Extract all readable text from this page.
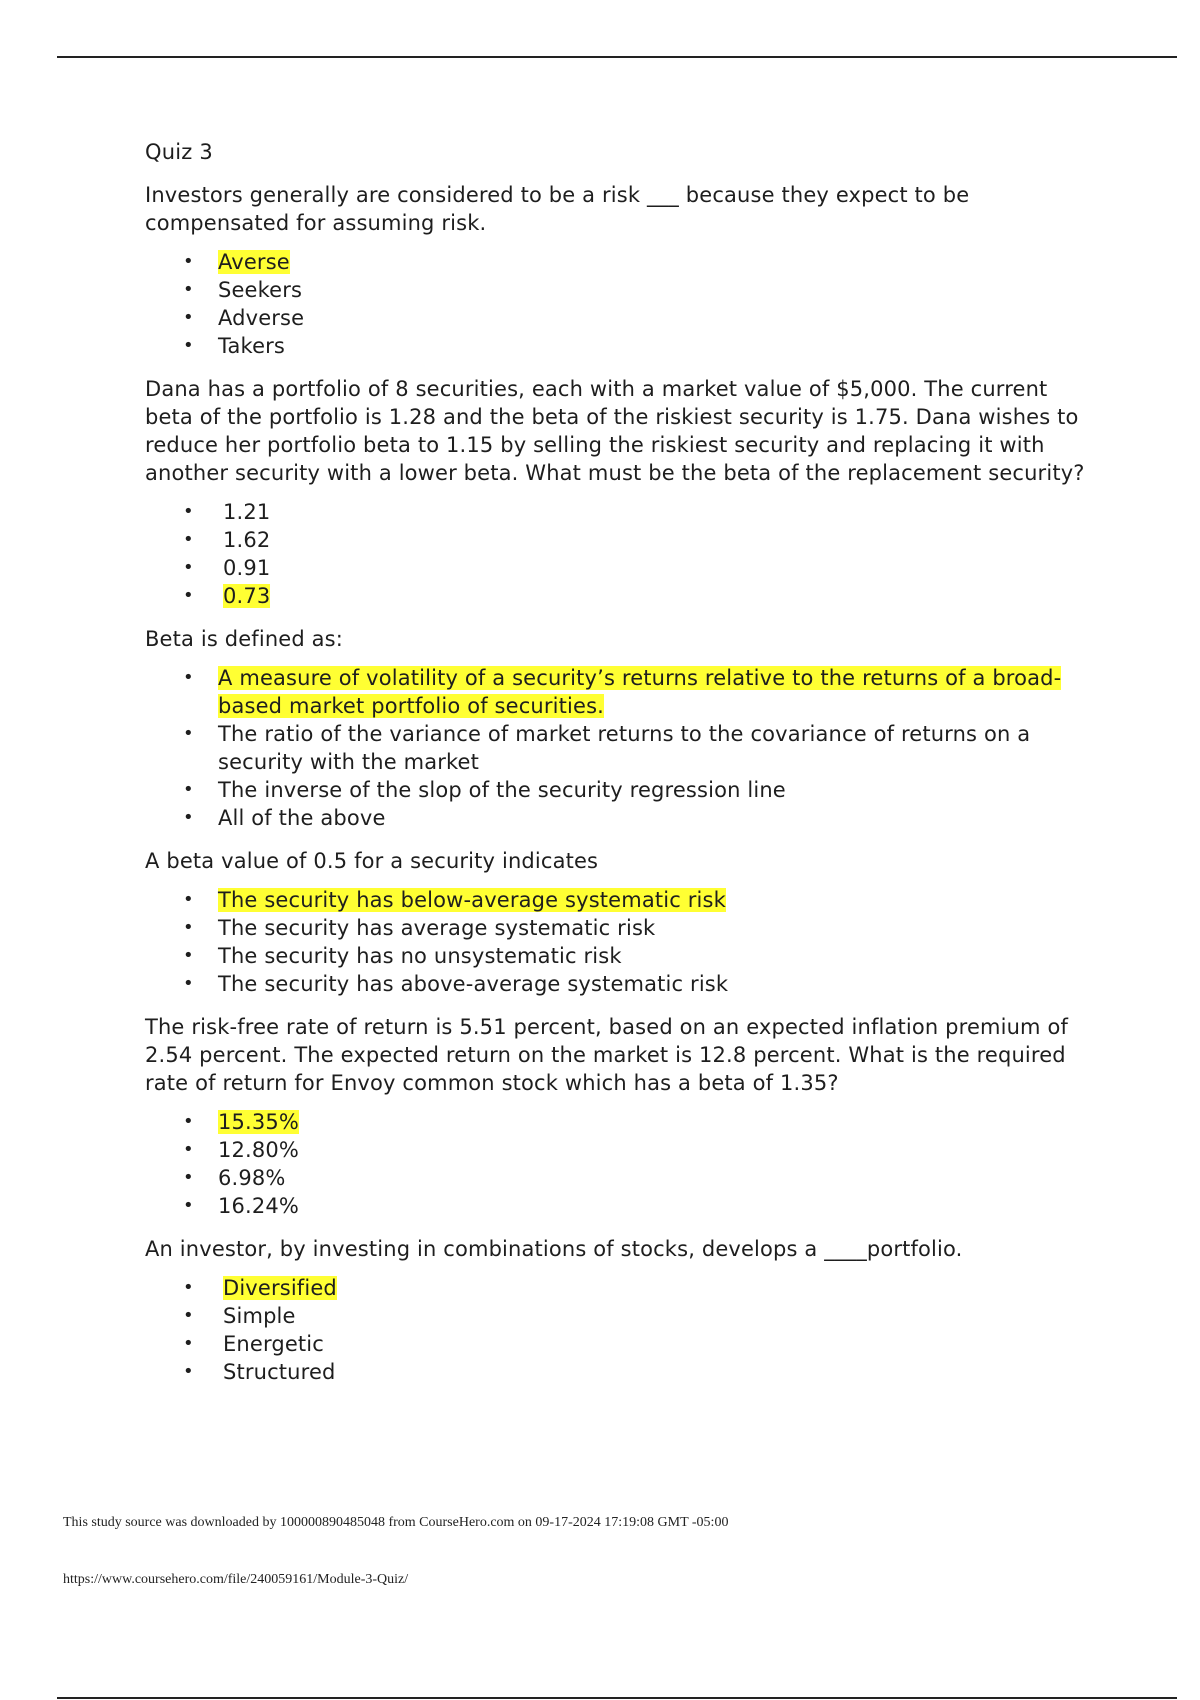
Quiz 3
Investors generally are considered to be a risk ___ because they expect to be compensated for assuming risk.
• Averse
• Seekers
• Adverse
• Takers
Dana has a portfolio of 8 securities, each with a market value of $5,000. The current beta of the portfolio is 1.28 and the beta of the riskiest security is 1.75. Dana wishes to reduce her portfolio beta to 1.15 by selling the riskiest security and replacing it with another security with a lower beta. What must be the beta of the replacement security?
• 1.21
• 1.62
• 0.91
• 0.73
Beta is defined as:
• A measure of volatility of a security’s returns relative to the returns of a broad-based market portfolio of securities.
• The ratio of the variance of market returns to the covariance of returns on a security with the market
• The inverse of the slop of the security regression line
• All of the above
A beta value of 0.5 for a security indicates
• The security has below-average systematic risk
• The security has average systematic risk
• The security has no unsystematic risk
• The security has above-average systematic risk
The risk-free rate of return is 5.51 percent, based on an expected inflation premium of 2.54 percent. The expected return on the market is 12.8 percent. What is the required rate of return for Envoy common stock which has a beta of 1.35?
• 15.35%
• 12.80%
• 6.98%
• 16.24%
An investor, by investing in combinations of stocks, develops a ____portfolio.
• Diversified
• Simple
• Energetic
• Structured
This study source was downloaded by 100000890485048 from CourseHero.com on 09-17-2024 17:19:08 GMT -05:00
https://www.coursehero.com/file/240059161/Module-3-Quiz/
